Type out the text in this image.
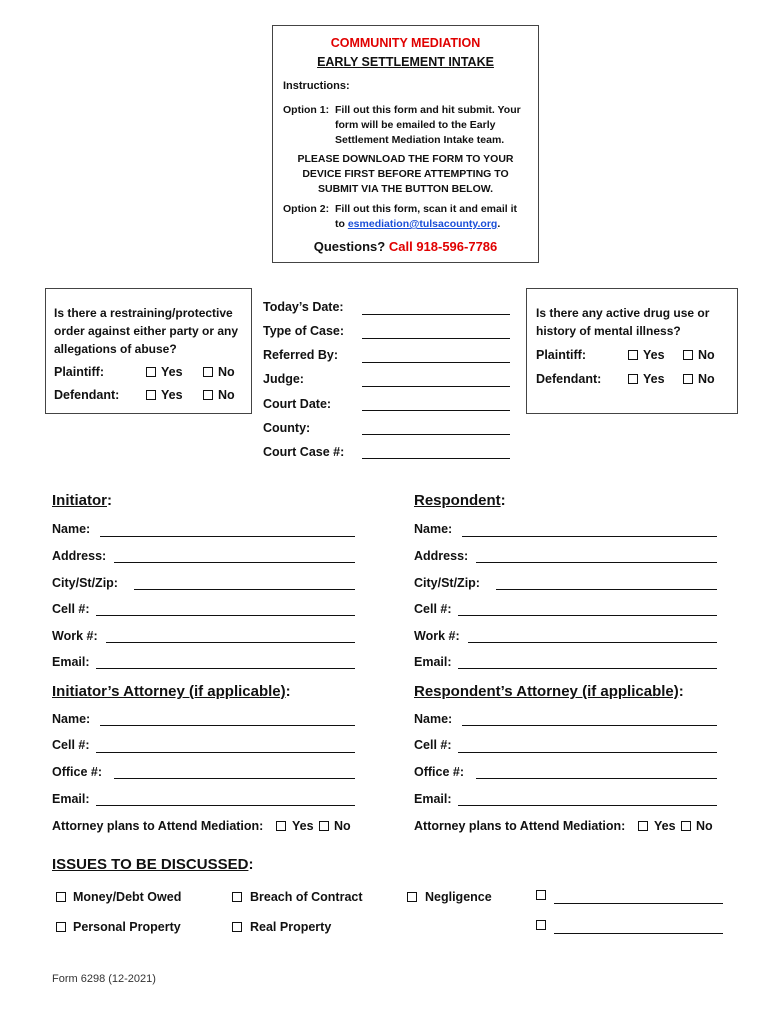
COMMUNITY MEDIATION
EARLY SETTLEMENT INTAKE
Instructions:
Option 1: Fill out this form and hit submit. Your
form will be emailed to the Early
Settlement Mediation Intake team.
PLEASE DOWNLOAD THE FORM TO YOUR
DEVICE FIRST BEFORE ATTEMPTING TO
SUBMIT VIA THE BUTTON BELOW.
Option 2: Fill out this form, scan it and email it
to esmediation@tulsacounty.org.
Questions? Call 918-596-7786
Is there a restraining/protective
order against either party or any
allegations of abuse?
Plaintiff:	Yes	No
Defendant:	Yes	No
Today’s Date:
Type of Case:
Referred By:
Judge:
Court Date:
County:
Court Case #:
Is there any active drug use or
history of mental illness?
Plaintiff:	Yes	No
Defendant:	Yes	No
Initiator:
Name:
Address:
City/St/Zip:
Cell #:
Work #:
Email:
Respondent:
Name:
Address:
City/St/Zip:
Cell #:
Work #:
Email:
Initiator’s Attorney (if applicable):
Name:
Cell #:
Office #:
Email:
Attorney plans to Attend Mediation: Yes No
Respondent’s Attorney (if applicable):
Name:
Cell #:
Office #:
Email:
Attorney plans to Attend Mediation: Yes No
ISSUES TO BE DISCUSSED:
Money/Debt Owed	Breach of Contract	Negligence
Personal Property	Real Property
Form 6298 (12-2021)
